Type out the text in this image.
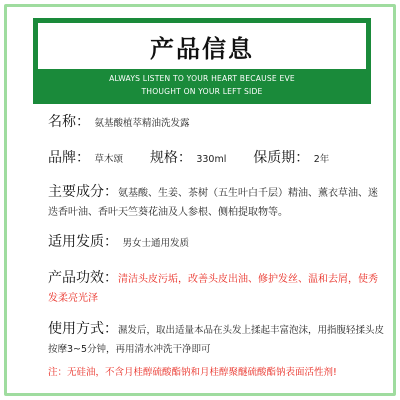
产品信息
ALWAYS LISTEN TO YOUR HEART BECAUSE EVE
THOUGHT ON YOUR LEFT SIDE
名称： 氨基酸植萃精油洗发露
品牌： 草木颂 规格： 330ml 保质期： 2年
主要成分：氨基酸、生姜、茶树（五生叶白千层）精油、薰衣草油、迷迭香叶油、香叶天竺葵花油及人参根、侧柏提取物等。
适用发质： 男女士通用发质
产品功效：清洁头皮污垢，改善头皮出油、修护发丝、温和去屑，使秀发柔亮光泽
使用方式：濕发后，取出适量本品在头发上揉起丰富泡沫，用指腹轻揉头皮按摩3~5分钟，再用清水冲洗干净即可
注：无硅油，不含月桂醇硫酸酯钠和月桂醇聚醚硫酸酯钠表面活性剂!
